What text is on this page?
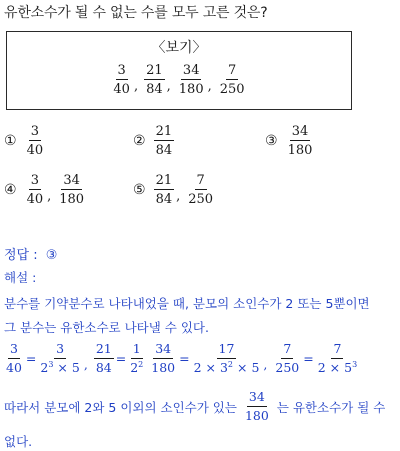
유한소수가 될 수 없는 수를 모두 고른 것은?
〈보기〉
$\frac{3}{40}$ , $\frac{21}{84}$ , $\frac{34}{180}$ , $\frac{7}{250}$
① $\frac{3}{40}$	② $\frac{21}{84}$	③ $\frac{34}{180}$
④ $\frac{3}{40}$ , $\frac{34}{180}$	⑤ $\frac{21}{84}$ , $\frac{7}{250}$
정답 : ③
해설 :
분수를 기약분수로 나타내었을 때, 분모의 소인수가 2 또는 5뿐이면
그 분수는 유한소수로 나타낼 수 있다.
$\frac{3}{40} = \frac{3}{2^3 \times 5}$ , $\frac{21}{84} = \frac{1}{2^2} \frac{34}{180} = \frac{17}{2 \times 3^2 \times 5}$ , $\frac{7}{250} = \frac{7}{2 \times 5^3}$
따라서 분모에 2와 5 이외의 소인수가 있는 $\frac{34}{180}$ 는 유한소수가 될 수
없다.
